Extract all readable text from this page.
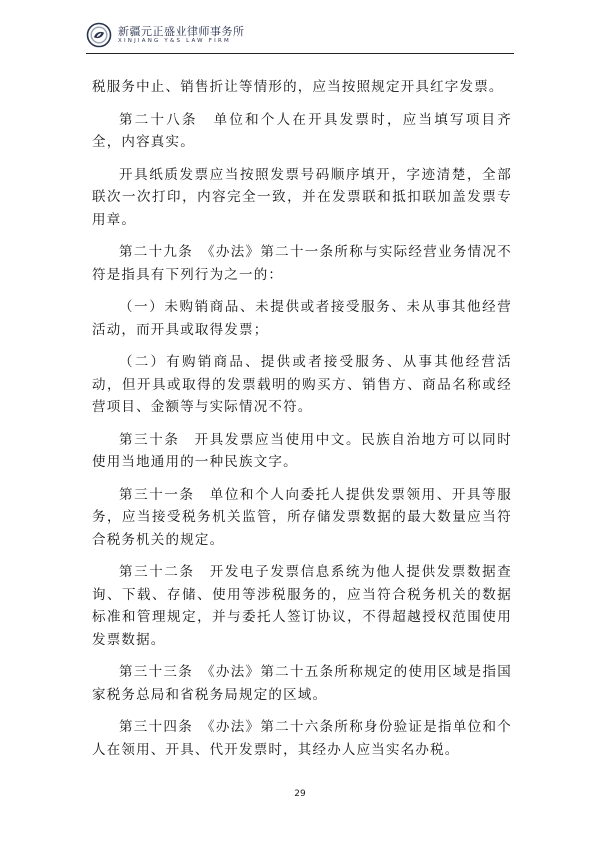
新疆元正盛业律师事务所
XINJIANG Y&S LAW FIRM

税服务中止、销售折让等情形的，应当按照规定开具红字发票。

第二十八条　单位和个人在开具发票时，应当填写项目齐全，内容真实。

开具纸质发票应当按照发票号码顺序填开，字迹清楚，全部联次一次打印，内容完全一致，并在发票联和抵扣联加盖发票专用章。

第二十九条　《办法》第二十一条所称与实际经营业务情况不符是指具有下列行为之一的：

（一）未购销商品、未提供或者接受服务、未从事其他经营活动，而开具或取得发票；

（二）有购销商品、提供或者接受服务、从事其他经营活动，但开具或取得的发票载明的购买方、销售方、商品名称或经营项目、金额等与实际情况不符。

第三十条　开具发票应当使用中文。民族自治地方可以同时使用当地通用的一种民族文字。

第三十一条　单位和个人向委托人提供发票领用、开具等服务，应当接受税务机关监管，所存储发票数据的最大数量应当符合税务机关的规定。

第三十二条　开发电子发票信息系统为他人提供发票数据查询、下载、存储、使用等涉税服务的，应当符合税务机关的数据标准和管理规定，并与委托人签订协议，不得超越授权范围使用发票数据。

第三十三条　《办法》第二十五条所称规定的使用区域是指国家税务总局和省税务局规定的区域。

第三十四条　《办法》第二十六条所称身份验证是指单位和个人在领用、开具、代开发票时，其经办人应当实名办税。

29
